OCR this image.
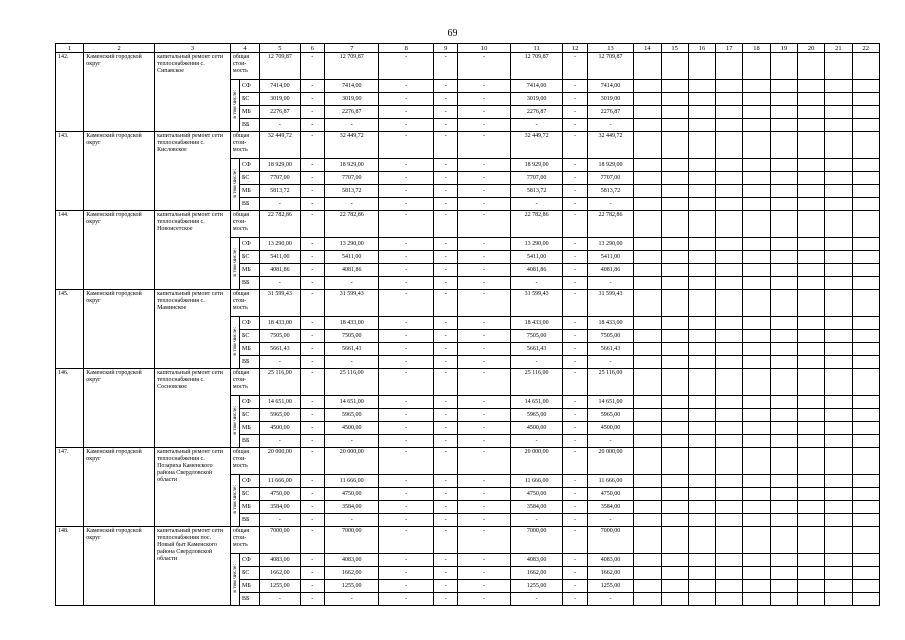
69
1	2	3	4		5	6	7	8	9	10	11	12	13	14	15	16	17	18	19	20	21	22
142.	Каменский городской округ	капитальный ремонт сети теплоснабжения с. Сипавское	общая стои-мость		12 709,87	-	12 709,87	-	-	-	12 709,87	-	12 709,87									
			в том числе:	СФ	7414,00	-	7414,00	-	-	-	7414,00	-	7414,00									
				БС	3019,00	-	3019,00	-	-	-	3019,00	-	3019,00									
				МБ	2276,87	-	2276,87	-	-	-	2276,87	-	2276,87									
				ВБ	-	-	-	-	-	-	-	-	-									
143.	Каменский городской округ	капитальный ремонт сети теплоснабжения с. Кисловское	общая стои-мость		32 449,72	-	32 449,72	-	-	-	32 449,72	-	32 449,72									
			в том числе:	СФ	18 929,00	-	18 929,00	-	-	-	18 929,00	-	18 929,00									
				БС	7707,00	-	7707,00	-	-	-	7707,00	-	7707,00									
				МБ	5813,72	-	5813,72	-	-	-	5813,72	-	5813,72									
				ВБ	-	-	-	-	-	-	-	-	-									
144.	Каменский городской округ	капитальный ремонт сети теплоснабжения с. Новоисетское	общая стои-мость		22 782,86	-	22 782,86	-	-	-	22 782,86	-	22 782,86									
			в том числе:	СФ	13 290,00	-	13 290,00	-	-	-	13 290,00	-	13 290,00									
				БС	5411,00	-	5411,00	-	-	-	5411,00	-	5411,00									
				МБ	4081,86	-	4081,86	-	-	-	4081,86	-	4081,86									
				ВБ	-	-	-	-	-	-	-	-	-									
145.	Каменский городской округ	капитальный ремонт сети теплоснабжения с. Маминское	общая стои-мость		31 599,43	-	31 599,43	-	-	-	31 599,43	-	31 599,43									
			в том числе:	СФ	18 433,00	-	18 433,00	-	-	-	18 433,00	-	18 433,00									
				БС	7505,00	-	7505,00	-	-	-	7505,00	-	7505,00									
				МБ	5661,43	-	5661,43	-	-	-	5661,43	-	5661,43									
				ВБ	-	-	-	-	-	-	-	-	-									
146.	Каменский городской округ	капитальный ремонт сети теплоснабжения с. Сосновское	общая стои-мость		25 116,00	-	25 116,00	-	-	-	25 116,00	-	25 116,00									
			в том числе:	СФ	14 651,00	-	14 651,00	-	-	-	14 651,00	-	14 651,00									
				БС	5965,00	-	5965,00	-	-	-	5965,00	-	5965,00									
				МБ	4500,00	-	4500,00	-	-	-	4500,00	-	4500,00									
				ВБ	-	-	-	-	-	-	-	-	-									
147.	Каменский городской округ	капитальный ремонт сети теплоснабжения с. Позариха Каменского района Свердловской области	общая стои-мость		20 000,00	-	20 000,00	-	-	-	20 000,00	-	20 000,00									
			в том числе:	СФ	11 666,00	-	11 666,00	-	-	-	11 666,00	-	11 666,00									
				БС	4750,00	-	4750,00	-	-	-	4750,00	-	4750,00									
				МБ	3584,00	-	3584,00	-	-	-	3584,00	-	3584,00									
				ВБ	-	-	-	-	-	-	-	-	-									
148.	Каменский городской округ	капитальный ремонт сети теплоснабжения пос. Новый быт Каменского района Свердловской области	общая стои-мость		7000,00	-	7000,00	-	-	-	7000,00	-	7000,00									
			в том числе:	СФ	4083,00	-	4083,00	-	-	-	4083,00	-	4083,00									
				БС	1662,00	-	1662,00	-	-	-	1662,00	-	1662,00									
				МБ	1255,00	-	1255,00	-	-	-	1255,00	-	1255,00									
				ВБ	-	-	-	-	-	-	-	-	-									
